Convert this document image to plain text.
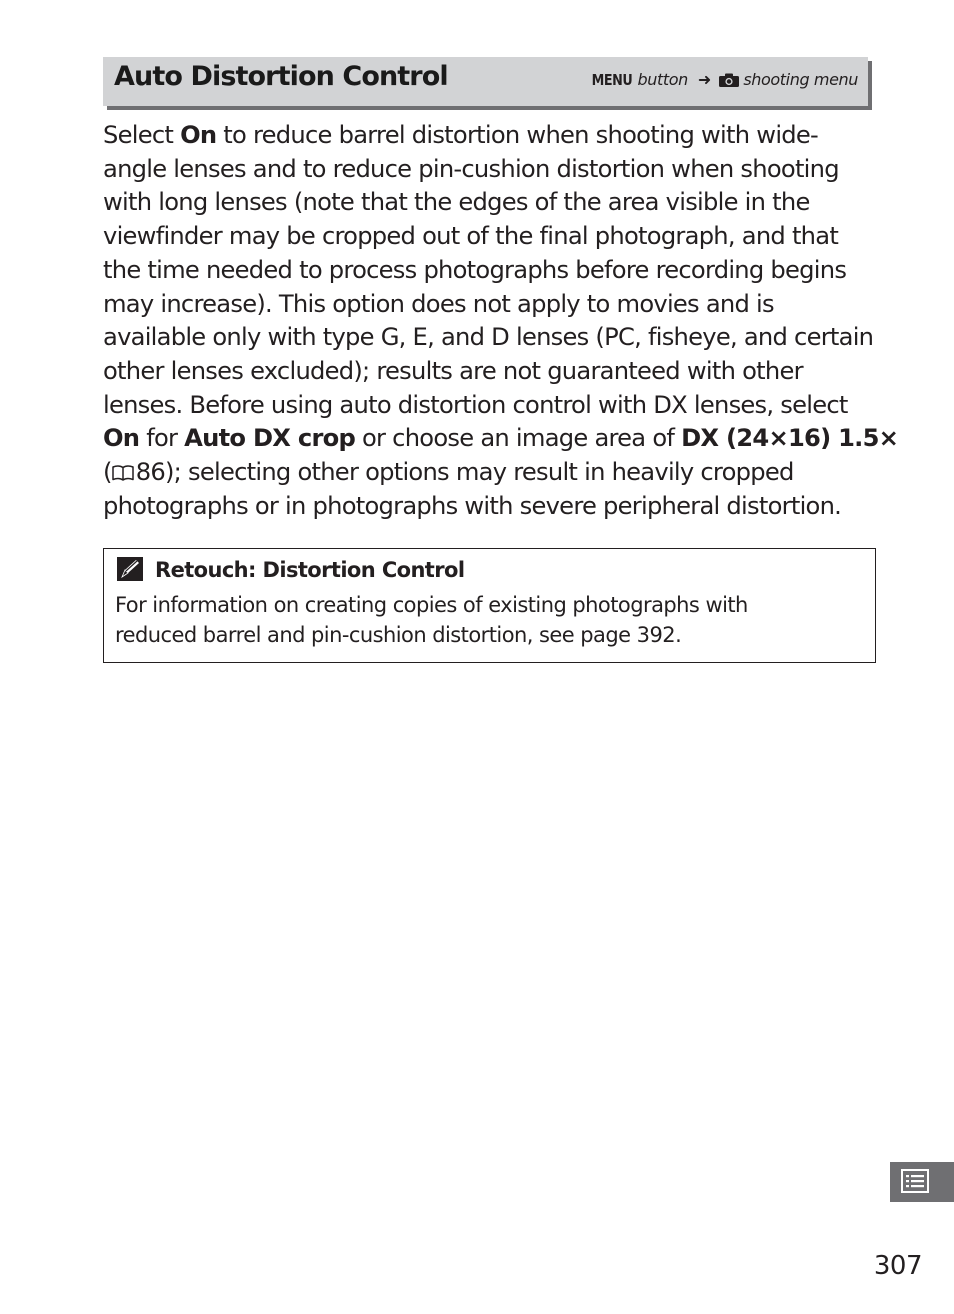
Auto Distortion Control	MENU button ➜ shooting menu
Select On to reduce barrel distortion when shooting with wide-
angle lenses and to reduce pin-cushion distortion when shooting
with long lenses (note that the edges of the area visible in the
viewfinder may be cropped out of the final photograph, and that
the time needed to process photographs before recording begins
may increase). This option does not apply to movies and is
available only with type G, E, and D lenses (PC, fisheye, and certain
other lenses excluded); results are not guaranteed with other
lenses. Before using auto distortion control with DX lenses, select
On for Auto DX crop or choose an image area of DX (24×16) 1.5×
( 86); selecting other options may result in heavily cropped
photographs or in photographs with severe peripheral distortion.
Retouch: Distortion Control
For information on creating copies of existing photographs with
reduced barrel and pin-cushion distortion, see page 392.
307
